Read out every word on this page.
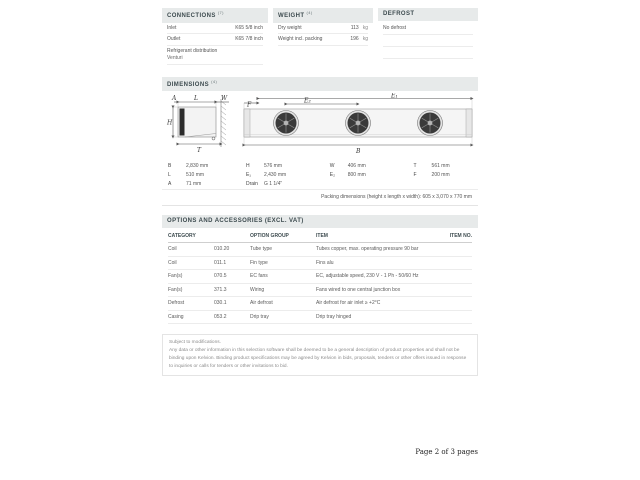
CONNECTIONS $^{(7)}$
Inlet	K65 5/8 inch
Outlet	K65 7/8 inch
Refrigerant distribution
Venturi
WEIGHT $^{(4)}$
Dry weight	113 kg
Weight incl. packing	196 kg
DEFROST
No defrost
DIMENSIONS $^{(4)}$
H
A	L	W
T
F
E₁
E₂
B
B	2,830 mm
L	510 mm
A	71 mm
H	576 mm
E₁	2,430 mm
Drain	G 1 1/4"
W	406 mm
E₂	800 mm
T	561 mm
F	200 mm
Packing dimensions (height x length x width): 605 x 3,070 x 770 mm
OPTIONS AND ACCESSORIES (EXCL. VAT)
CATEGORY	OPTION GROUP	ITEM	ITEM NO.
Coil	010.20	Tube type	Tubes copper, max. operating pressure 90 bar
Coil	011.1	Fin type	Fins alu
Fan(s)	070.5	EC fans	EC, adjustable speed, 230 V - 1 Ph - 50/60 Hz
Fan(s)	371.3	Wiring	Fans wired to one central junction box
Defrost	030.1	Air defrost	Air defrost for air inlet ≥ +2°C
Casing	053.2	Drip tray	Drip tray hinged
Subject to modifications.
Any data or other information in this selection software shall be deemed to be a general description of product properties and shall not be binding upon Kelvion. Binding product specifications may be agreed by Kelvion in bids, proposals, tenders or other offers issued in response to inquiries or calls for tenders or other invitations to bid.
Page 2 of 3 pages
